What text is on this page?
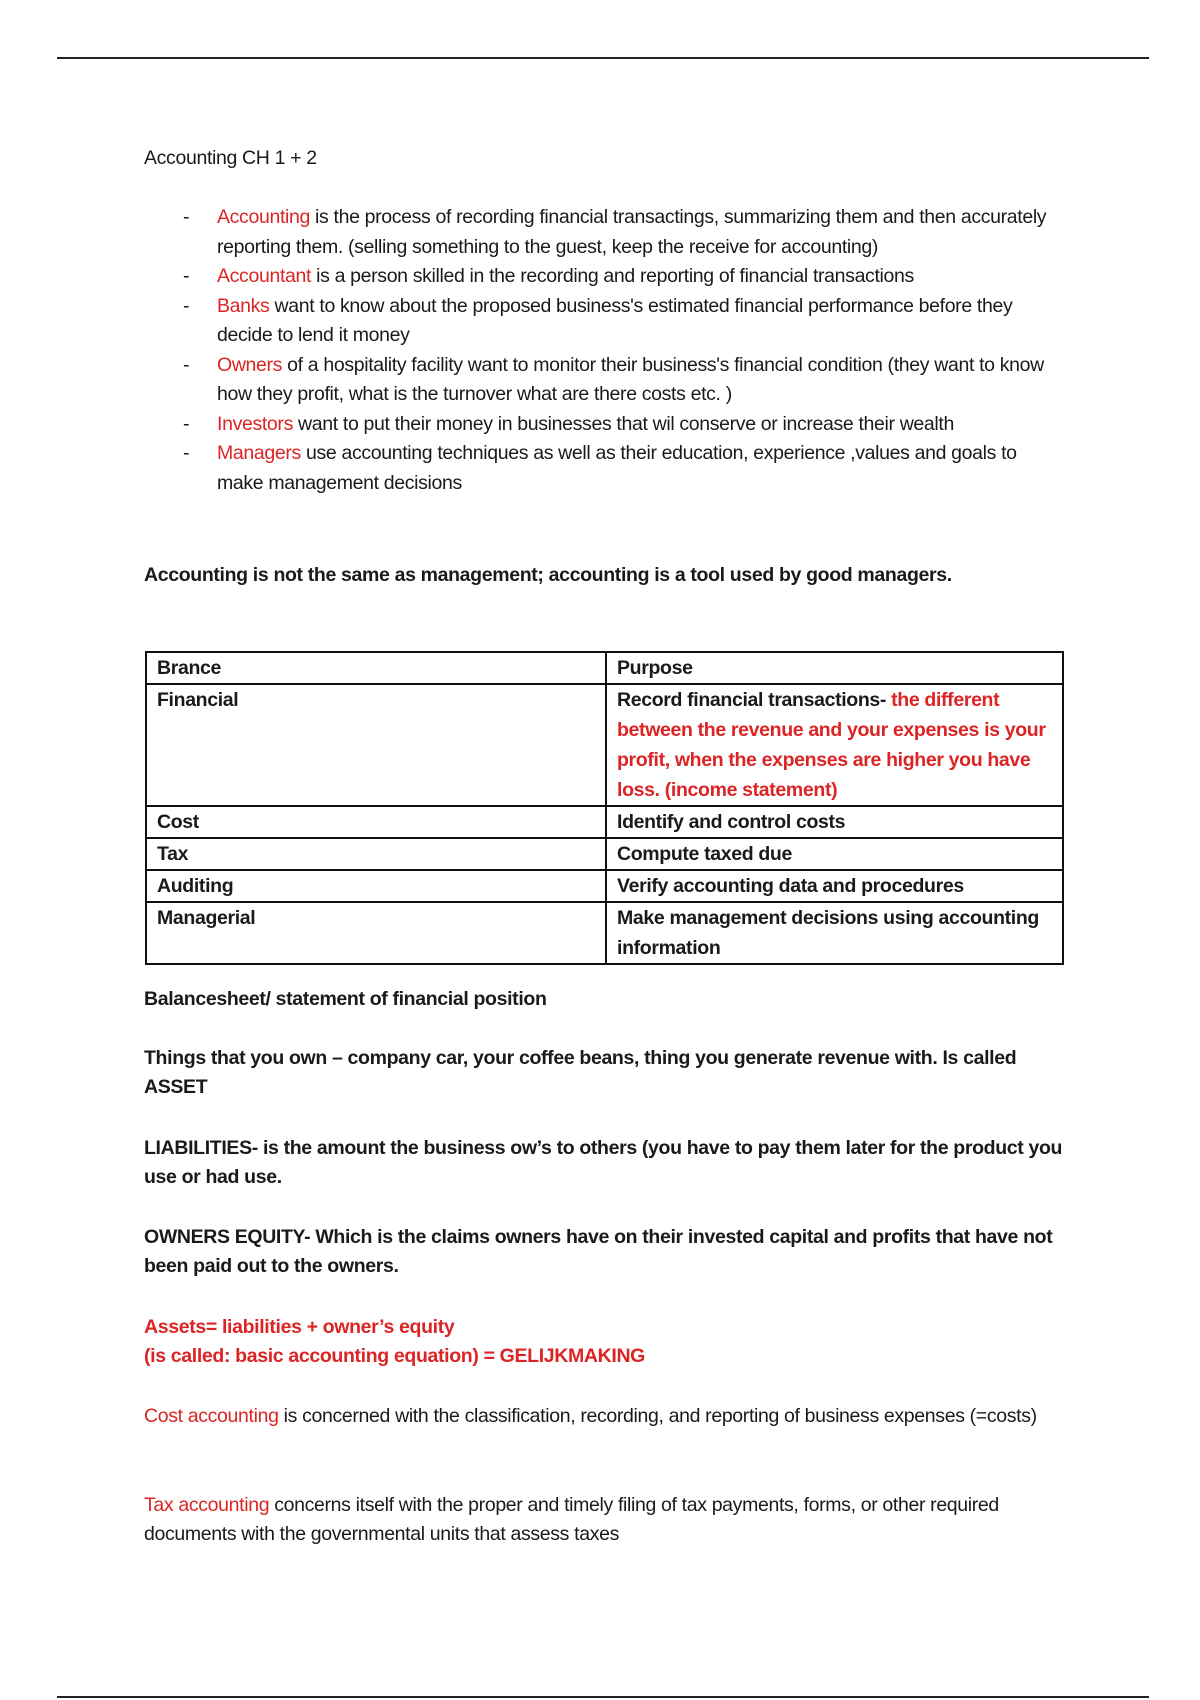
Accounting CH 1 + 2
- Accounting is the process of recording financial transactings, summarizing them and then accurately reporting them. (selling something to the guest, keep the receive for accounting)
- Accountant is a person skilled in the recording and reporting of financial transactions
- Banks want to know about the proposed business's estimated financial performance before they decide to lend it money
- Owners of a hospitality facility want to monitor their business's financial condition (they want to know how they profit, what is the turnover what are there costs etc. )
- Investors want to put their money in businesses that wil conserve or increase their wealth
- Managers use accounting techniques as well as their education, experience ,values and goals to make management decisions
Accounting is not the same as management; accounting is a tool used by good managers.
Brance	Purpose
Financial	Record financial transactions- the different between the revenue and your expenses is your profit, when the expenses are higher you have loss. (income statement)
Cost	Identify and control costs
Tax	Compute taxed due
Auditing	Verify accounting data and procedures
Managerial	Make management decisions using accounting information
Balancesheet/ statement of financial position
Things that you own – company car, your coffee beans, thing you generate revenue with. Is called ASSET
LIABILITIES- is the amount the business ow’s to others (you have to pay them later for the product you use or had use.
OWNERS EQUITY- Which is the claims owners have on their invested capital and profits that have not been paid out to the owners.
Assets= liabilities + owner’s equity
(is called: basic accounting equation) = GELIJKMAKING
Cost accounting is concerned with the classification, recording, and reporting of business expenses (=costs)
Tax accounting concerns itself with the proper and timely filing of tax payments, forms, or other required documents with the governmental units that assess taxes
